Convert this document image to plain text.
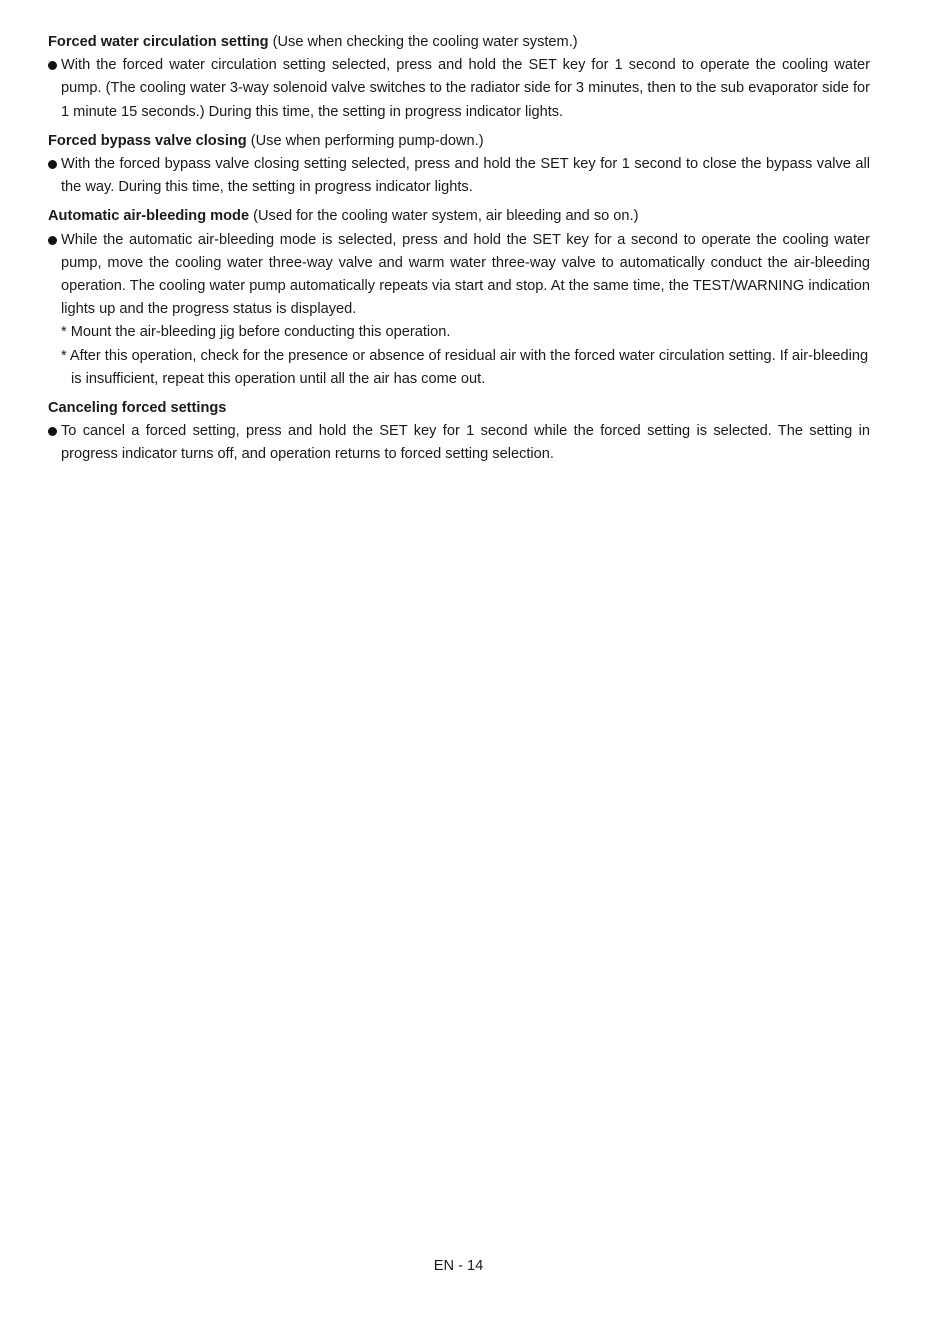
Forced water circulation setting (Use when checking the cooling water system.)

With the forced water circulation setting selected, press and hold the SET key for 1 second to operate the cooling water pump. (The cooling water 3-way solenoid valve switches to the radiator side for 3 minutes, then to the sub evaporator side for 1 minute 15 seconds.) During this time, the setting in progress indicator lights.

Forced bypass valve closing (Use when performing pump-down.)

With the forced bypass valve closing setting selected, press and hold the SET key for 1 second to close the bypass valve all the way. During this time, the setting in progress indicator lights.

Automatic air-bleeding mode (Used for the cooling water system, air bleeding and so on.)

While the automatic air-bleeding mode is selected, press and hold the SET key for a second to operate the cooling water pump, move the cooling water three-way valve and warm water three-way valve to automatically conduct the air-bleeding operation. The cooling water pump automatically repeats via start and stop. At the same time, the TEST/WARNING indication lights up and the progress status is displayed.
* Mount the air-bleeding jig before conducting this operation.
* After this operation, check for the presence or absence of residual air with the forced water circulation setting. If air-bleeding is insufficient, repeat this operation until all the air has come out.

Canceling forced settings

To cancel a forced setting, press and hold the SET key for 1 second while the forced setting is selected. The setting in progress indicator turns off, and operation returns to forced setting selection.
EN - 14
